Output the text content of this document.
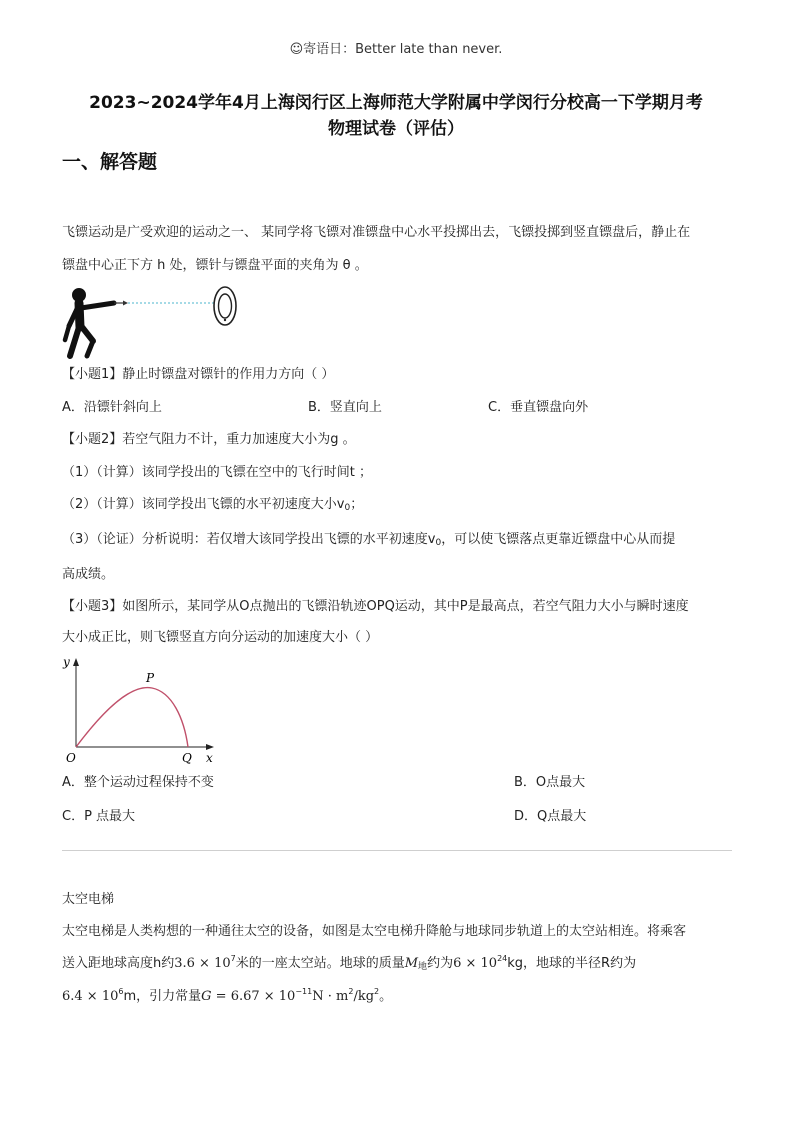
☺寄语日：Better late than never.
2023~2024学年4月上海闵行区上海师范大学附属中学闵行分校高一下学期月考
物理试卷（评估）
一、解答题
飞镖运动是广受欢迎的运动之一、 某同学将飞镖对准镖盘中心水平投掷出去，飞镖投掷到竖直镖盘后，静止在
镖盘中心正下方 h 处，镖针与镖盘平面的夹角为 θ 。
【小题1】静止时镖盘对镖针的作用力方向（ ）
A．沿镖针斜向上	B．竖直向上	C．垂直镖盘向外
【小题2】若空气阻力不计，重力加速度大小为g 。
（1）（计算）该同学投出的飞镖在空中的飞行时间t ；
（2）（计算）该同学投出飞镖的水平初速度大小$v_0$；
（3）（论证）分析说明：若仅增大该同学投出飞镖的水平初速度$v_0$，可以使飞镖落点更靠近镖盘中心从而提
高成绩。
【小题3】如图所示，某同学从O点抛出的飞镖沿轨迹OPQ运动，其中P是最高点，若空气阻力大小与瞬时速度
大小成正比，则飞镖竖直方向分运动的加速度大小（ ）
y
P
O	Q x
A．整个运动过程保持不变	B．O点最大
C．P 点最大	D．Q点最大
太空电梯
太空电梯是人类构想的一种通往太空的设备，如图是太空电梯升降舱与地球同步轨道上的太空站相连。将乘客
送入距地球高度h约$3.6 \times 10^7$米的一座太空站。地球的质量$M_地$约为$6 \times 10^{24}kg$，地球的半径R约为
$6.4 \times 10^6m$，引力常量$G = 6.67 \times 10^{-11}N \cdot m^2/kg^2$。
